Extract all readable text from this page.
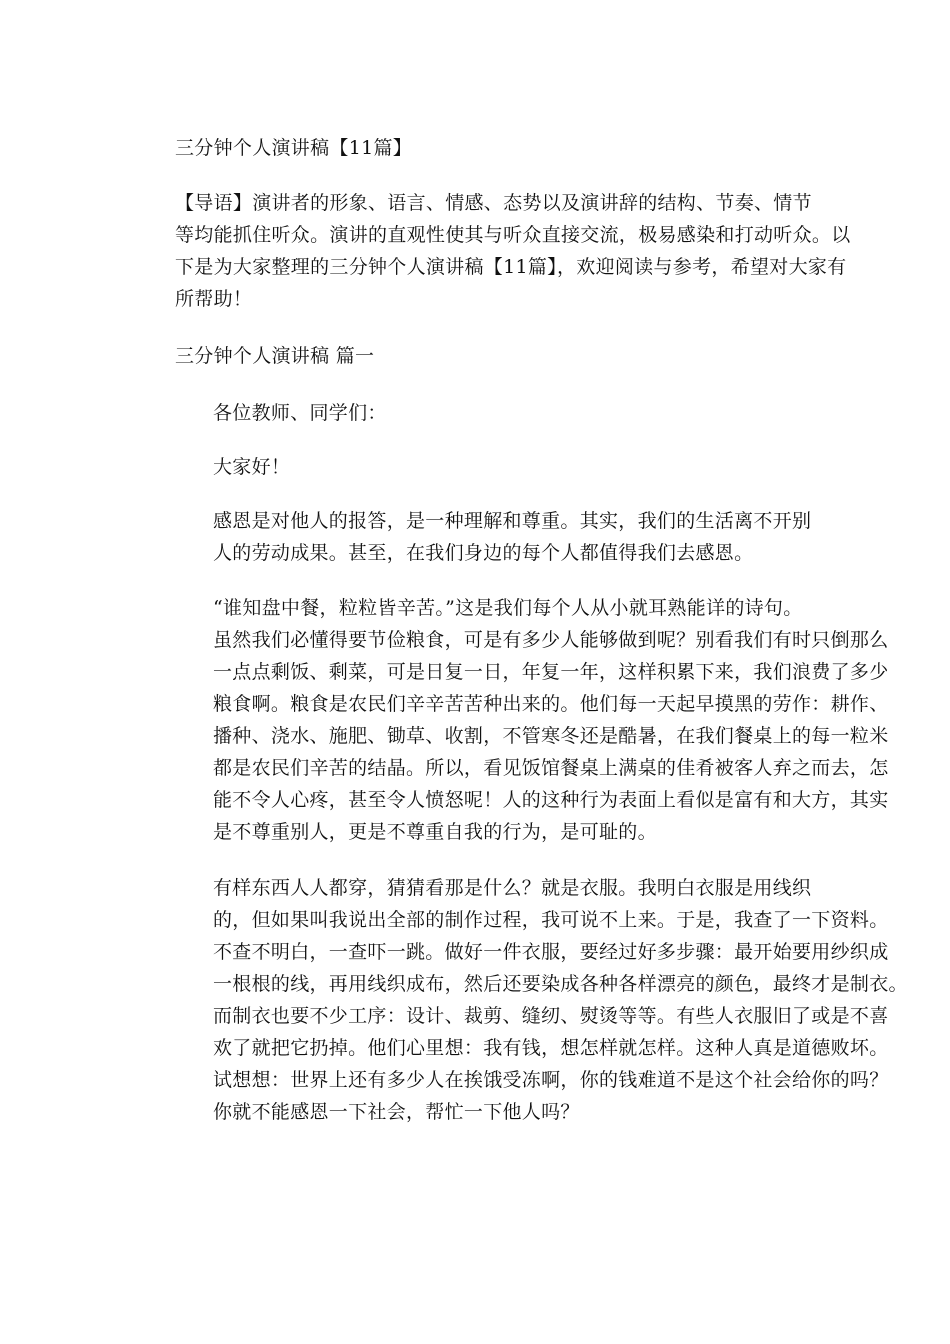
三分钟个人演讲稿【11篇】
【导语】演讲者的形象、语言、情感、态势以及演讲辞的结构、节奏、情节
等均能抓住听众。演讲的直观性使其与听众直接交流，极易感染和打动听众。以
下是为大家整理的三分钟个人演讲稿【11篇】，欢迎阅读与参考，希望对大家有
所帮助！
三分钟个人演讲稿 篇一
各位教师、同学们：
大家好！
感恩是对他人的报答，是一种理解和尊重。其实，我们的生活离不开别
人的劳动成果。甚至，在我们身边的每个人都值得我们去感恩。
“谁知盘中餐，粒粒皆辛苦。”这是我们每个人从小就耳熟能详的诗句。
虽然我们必懂得要节俭粮食，可是有多少人能够做到呢？别看我们有时只倒那么
一点点剩饭、剩菜，可是日复一日，年复一年，这样积累下来，我们浪费了多少
粮食啊。粮食是农民们辛辛苦苦种出来的。他们每一天起早摸黑的劳作：耕作、
播种、浇水、施肥、锄草、收割，不管寒冬还是酷暑，在我们餐桌上的每一粒米
都是农民们辛苦的结晶。所以，看见饭馆餐桌上满桌的佳肴被客人弃之而去，怎
能不令人心疼，甚至令人愤怒呢！人的这种行为表面上看似是富有和大方，其实
是不尊重别人，更是不尊重自我的行为，是可耻的。
有样东西人人都穿，猜猜看那是什么？就是衣服。我明白衣服是用线织
的，但如果叫我说出全部的制作过程，我可说不上来。于是，我查了一下资料。
不查不明白，一查吓一跳。做好一件衣服，要经过好多步骤：最开始要用纱织成
一根根的线，再用线织成布，然后还要染成各种各样漂亮的颜色，最终才是制衣。
而制衣也要不少工序：设计、裁剪、缝纫、熨烫等等。有些人衣服旧了或是不喜
欢了就把它扔掉。他们心里想：我有钱，想怎样就怎样。这种人真是道德败坏。
试想想：世界上还有多少人在挨饿受冻啊，你的钱难道不是这个社会给你的吗？
你就不能感恩一下社会，帮忙一下他人吗？
